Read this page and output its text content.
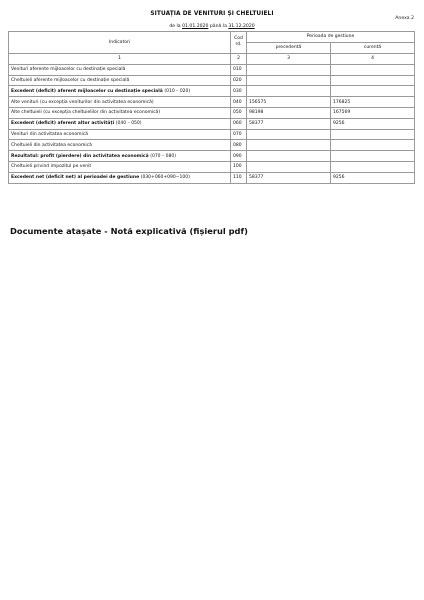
Anexa 2
SITUAȚIA DE VENITURI ȘI CHELTUIELI
de la 01.01.2020 până la 31.12.2020
Indicatori	Cod rd.	Perioada de gestiune	
		precedentă	curentă
1	2	3	4
Venituri aferente mijloacelor cu destinație specială	010		
Cheltuieli aferente mijloacelor cu destinație specială	020		
Excedent (deficit) aferent mijloacelor cu destinație specială (010 – 020)	030		
Alte venituri (cu excepția veniturilor din activitatea economică)	040	156575	176825
Alte cheltuieli (cu excepția cheltuielilor din activitatea economică)	050	98198	167569
Excedent (deficit) aferent altor activități (040 – 050)	060	58377	9256
Venituri din activitatea economică	070		
Cheltuieli din activitatea economică	080		
Rezultatul: profit (pierdere) din activitatea economică (070 – 080)	090		
Cheltuieli privind impozitul pe venit	100		
Excedent net (deficit net) al perioadei de gestiune (030+060+090−100)	110	58377	9256
Documente atașate - Notă explicativă (fișierul pdf)
